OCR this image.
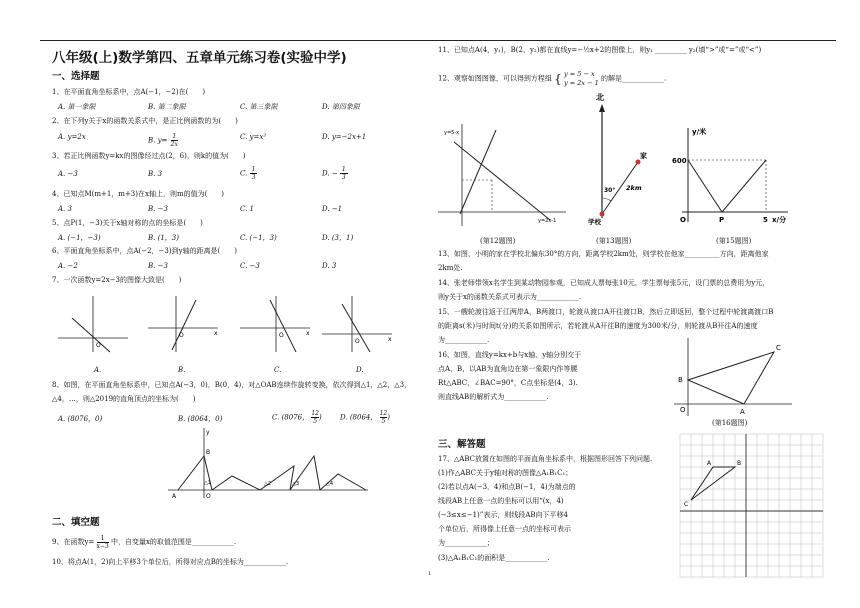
八年级(上)数学第四、五章单元练习卷(实验中学)
一、选择题
1、在平面直角坐标系中，点A(−1，−2)在(　　)
A. 第一象限	B. 第二象限	C. 第三象限	D. 第四象限
2、在下列y关于x的函数关系式中，是正比例函数的为(　　)
A. y=2x	B. $y= \frac{1}{2x}$	C. y=x²	D. y=−2x+1
3、若正比例函数y=kx的图像经过点(2，6)，则k的值为(　　)
A. −3	B. 3	C. $\frac{1}{3}$	D. − $\frac{1}{3}$
4、已知点M(m+1，m+3)在x轴上，则m的值为(　　)
A. 3	B. −3	C. 1	D. −1
5、点P(1，−3)关于x轴对称的点的坐标是(　　)
A. (−1，−3)	B. (1，3)	C. (−1，3)	D. (3，1)
6、平面直角坐标系中，点A(−2，−3)到y轴的距离是(　　)
A. −2	B. −3	C. −3	D. 3
7、一次函数y=2x−3的图像大致是(　　)
O
O	x	O	x
O	x
A.	B.	C.	D.
8、如图，在平面直角坐标系中，已知点A(−3，0)，B(0，4)，对△OAB连续作旋转变换，依次得到△1，△2，△3，
△4，…，则△2019的直角顶点的坐标为(　　)
A. (8076，0)	B. (8064，0)	C. (8076， $\frac{12}{5}$ )	D. (8064， $\frac{12}{5}$ )
y
B
A	O
△1	△2	△3	△4
二、填空题
9、在函数$y= \frac{1}{x-3}$ 中，自变量x的取值范围是____________.
10、将点A(1，2)向上平移3个单位后，所得对应点B的坐标为____________.
11、已知点A(4，y₁)，B(2，y₂)都在直线y=−½x+2的图像上，则y₁ _________ y₂(填“>”或“=”或“<”)
12、观察如图图像，可以得到方程组 { y = 5 − x
y = 2x − 1
的解是____________.
y=5-x
y=2x-1
(第12题图)
北
家
学校
30° 2km
(第13题图)
y/米
600
O	P	5 x/分
(第15题图)
13、如图，小明的家在学校北偏东30°的方向，距离学校2km处，则学校在他家__________方向，距离他家
2km处.
14、张老师带领x名学生到某动物园参观，已知成人票每张10元，学生票每张5元，设门票的总费用为y元，
则y关于x的函数关系式可表示为____________.
15、一艘轮渡往返于江两岸A，B两渡口，轮渡从渡口A开往渡口B，然后立即返回，整个过程中轮渡离渡口B
的距离s(米)与时间t(分)的关系如图所示，若轮渡从A开往B的速度为300米/分，则轮渡从B开往A的速度
为____________.
16、如图，直线y=kx+b与x轴、y轴分别交于
点A，B，以AB为直角边在第一象限内作等腰
Rt△ABC，∠BAC=90°，C点坐标是(4，3).
则直线AB的解析式为____________.
C
B
O	A
(第16题图)
三、解答题
17、△ABC放置在如图的平面直角坐标系中，根据图形回答下列问题.
(1)作△ABC关于y轴对称的图像△A₁B₁C₁；
(2)若以点A(−3，4)和点B(−1，4)为端点的
线段AB上任意一点的坐标可以用“(x，4)
(−3≤x≤−1)”表示，则线段AB向下平移4
个单位后，所得像上任意一点的坐标可表示
为____________；
(3)△A₁B₁C₁的面积是____________.
A	B
C
1
